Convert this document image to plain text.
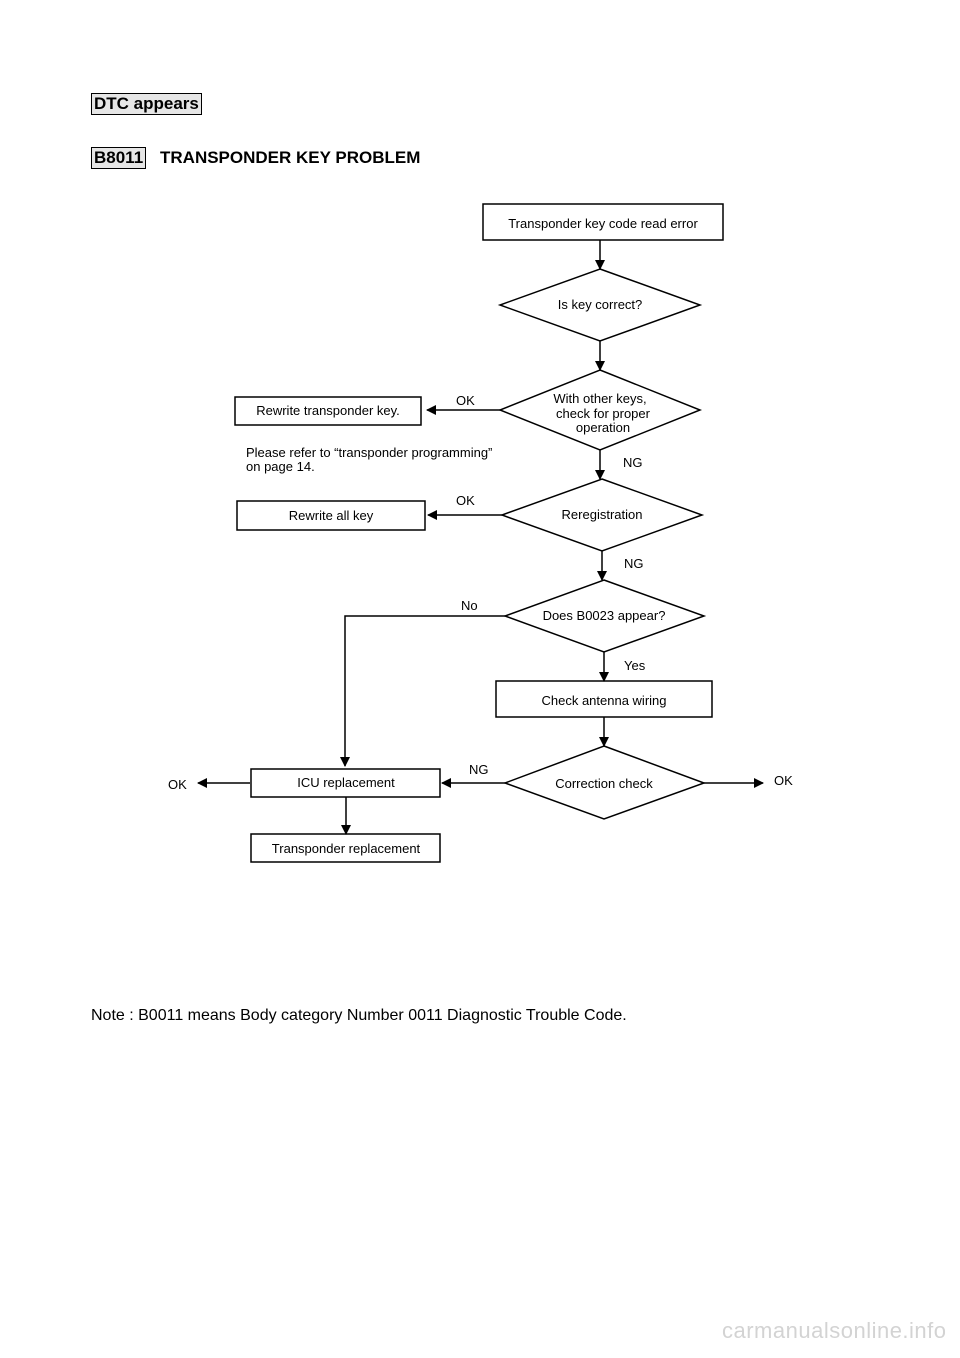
DTC appears
B8011 TRANSPONDER KEY PROBLEM
Transponder key code read error
Is key correct?
With other keys,
check for proper
operation
Rewrite transponder key.
Reregistration
Rewrite all key
Does B0023 appear?
Check antenna wiring
Correction check
ICU replacement
Transponder replacement
Please refer to “transponder programming”
on page 14.
OK
NG
OK
NG
No
Yes
NG
OK
OK
Note : B0011 means Body category Number 0011 Diagnostic Trouble Code.
carmanualsonline.info
